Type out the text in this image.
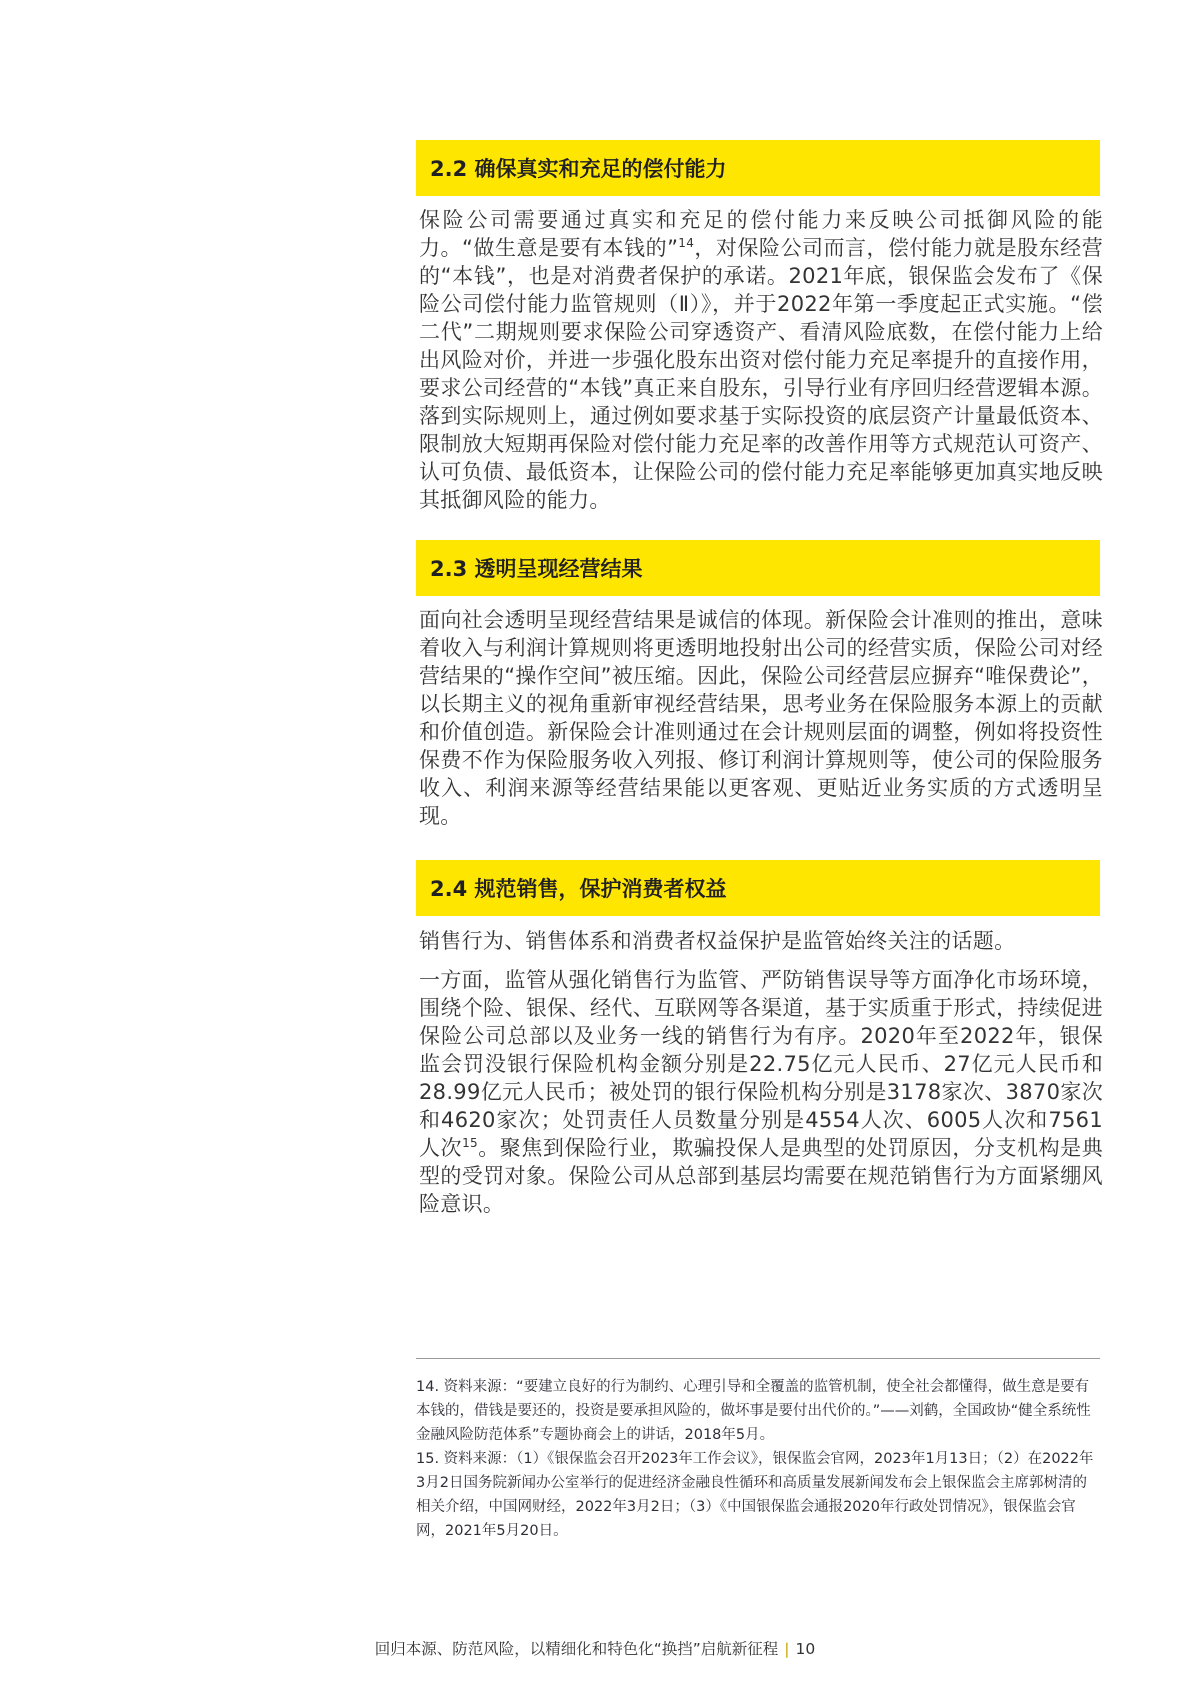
2.2 确保真实和充足的偿付能力

保险公司需要通过真实和充足的偿付能力来反映公司抵御风险的能力。“做生意是要有本钱的”$^{14}$，对保险公司而言，偿付能力就是股东经营的“本钱”，也是对消费者保护的承诺。2021年底，银保监会发布了《保险公司偿付能力监管规则（Ⅱ）》，并于2022年第一季度起正式实施。“偿二代”二期规则要求保险公司穿透资产、看清风险底数，在偿付能力上给出风险对价，并进一步强化股东出资对偿付能力充足率提升的直接作用，要求公司经营的“本钱”真正来自股东，引导行业有序回归经营逻辑本源。落到实际规则上，通过例如要求基于实际投资的底层资产计量最低资本、限制放大短期再保险对偿付能力充足率的改善作用等方式规范认可资产、认可负债、最低资本，让保险公司的偿付能力充足率能够更加真实地反映其抵御风险的能力。

2.3 透明呈现经营结果

面向社会透明呈现经营结果是诚信的体现。新保险会计准则的推出，意味着收入与利润计算规则将更透明地投射出公司的经营实质，保险公司对经营结果的“操作空间”被压缩。因此，保险公司经营层应摒弃“唯保费论”，以长期主义的视角重新审视经营结果，思考业务在保险服务本源上的贡献和价值创造。新保险会计准则通过在会计规则层面的调整，例如将投资性保费不作为保险服务收入列报、修订利润计算规则等，使公司的保险服务收入、利润来源等经营结果能以更客观、更贴近业务实质的方式透明呈现。

2.4 规范销售，保护消费者权益

销售行为、销售体系和消费者权益保护是监管始终关注的话题。

一方面，监管从强化销售行为监管、严防销售误导等方面净化市场环境，围绕个险、银保、经代、互联网等各渠道，基于实质重于形式，持续促进保险公司总部以及业务一线的销售行为有序。2020年至2022年，银保监会罚没银行保险机构金额分别是22.75亿元人民币、27亿元人民币和28.99亿元人民币；被处罚的银行保险机构分别是3178家次、3870家次和4620家次；处罚责任人员数量分别是4554人次、6005人次和7561人次$^{15}$。聚焦到保险行业，欺骗投保人是典型的处罚原因，分支机构是典型的受罚对象。保险公司从总部到基层均需要在规范销售行为方面紧绷风险意识。

14. 资料来源：“要建立良好的行为制约、心理引导和全覆盖的监管机制，使全社会都懂得，做生意是要有本钱的，借钱是要还的，投资是要承担风险的，做坏事是要付出代价的。”——刘鹤，全国政协“健全系统性金融风险防范体系”专题协商会上的讲话，2018年5月。

15. 资料来源：（1）《银保监会召开2023年工作会议》，银保监会官网，2023年1月13日；（2）在2022年3月2日国务院新闻办公室举行的促进经济金融良性循环和高质量发展新闻发布会上银保监会主席郭树清的相关介绍，中国网财经，2022年3月2日；（3）《中国银保监会通报2020年行政处罚情况》，银保监会官网，2021年5月20日。

回归本源、防范风险，以精细化和特色化“换挡”启航新征程 | 10
